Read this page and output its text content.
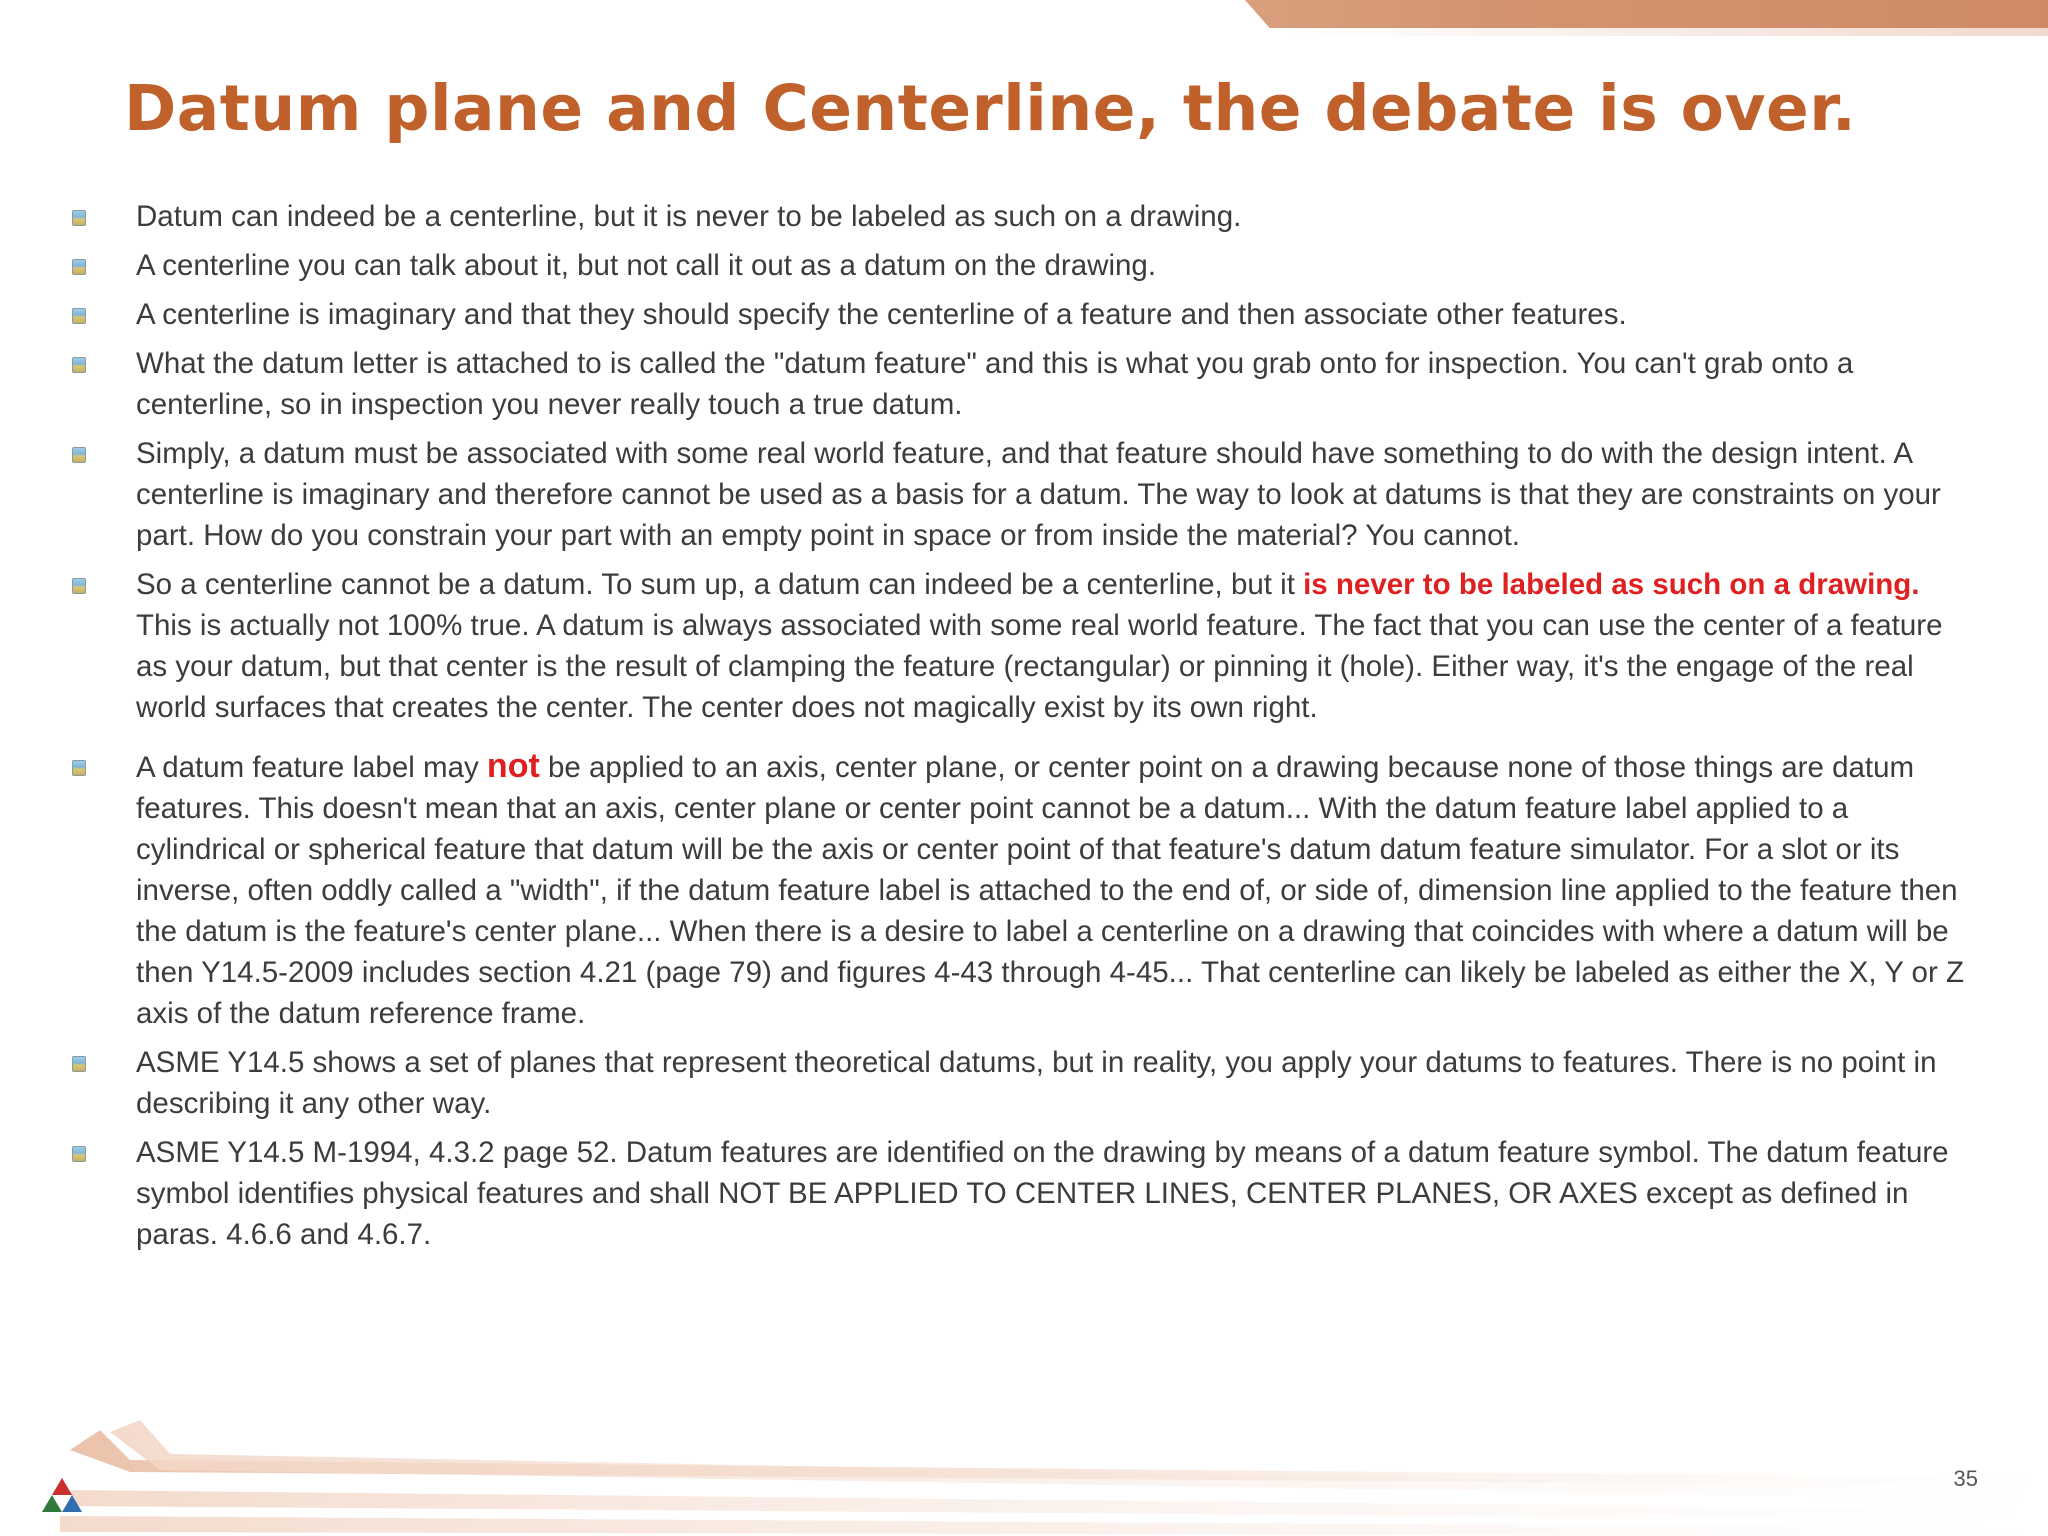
Datum plane and Centerline, the debate is over.
Datum can indeed be a centerline, but it is never to be labeled as such on a drawing.
A centerline you can talk about it, but not call it out as a datum on the drawing.
A centerline is imaginary and that they should specify the centerline of a feature and then associate other features.
What the datum letter is attached to is called the "datum feature" and this is what you grab onto for inspection. You can't grab onto a centerline, so in inspection you never really touch a true datum.
Simply, a datum must be associated with some real world feature, and that feature should have something to do with the design intent. A centerline is imaginary and therefore cannot be used as a basis for a datum. The way to look at datums is that they are constraints on your part. How do you constrain your part with an empty point in space or from inside the material? You cannot.
So a centerline cannot be a datum. To sum up, a datum can indeed be a centerline, but it is never to be labeled as such on a drawing. This is actually not 100% true. A datum is always associated with some real world feature. The fact that you can use the center of a feature as your datum, but that center is the result of clamping the feature (rectangular) or pinning it (hole). Either way, it's the engage of the real world surfaces that creates the center. The center does not magically exist by its own right.
A datum feature label may not be applied to an axis, center plane, or center point on a drawing because none of those things are datum features. This doesn't mean that an axis, center plane or center point cannot be a datum... With the datum feature label applied to a cylindrical or spherical feature that datum will be the axis or center point of that feature's datum datum feature simulator. For a slot or its inverse, often oddly called a "width", if the datum feature label is attached to the end of, or side of, dimension line applied to the feature then the datum is the feature's center plane... When there is a desire to label a centerline on a drawing that coincides with where a datum will be then Y14.5-2009 includes section 4.21 (page 79) and figures 4-43 through 4-45... That centerline can likely be labeled as either the X, Y or Z axis of the datum reference frame.
ASME Y14.5 shows a set of planes that represent theoretical datums, but in reality, you apply your datums to features. There is no point in describing it any other way.
ASME Y14.5 M-1994, 4.3.2 page 52. Datum features are identified on the drawing by means of a datum feature symbol. The datum feature symbol identifies physical features and shall NOT BE APPLIED TO CENTER LINES, CENTER PLANES, OR AXES except as defined in paras. 4.6.6 and 4.6.7.
35
